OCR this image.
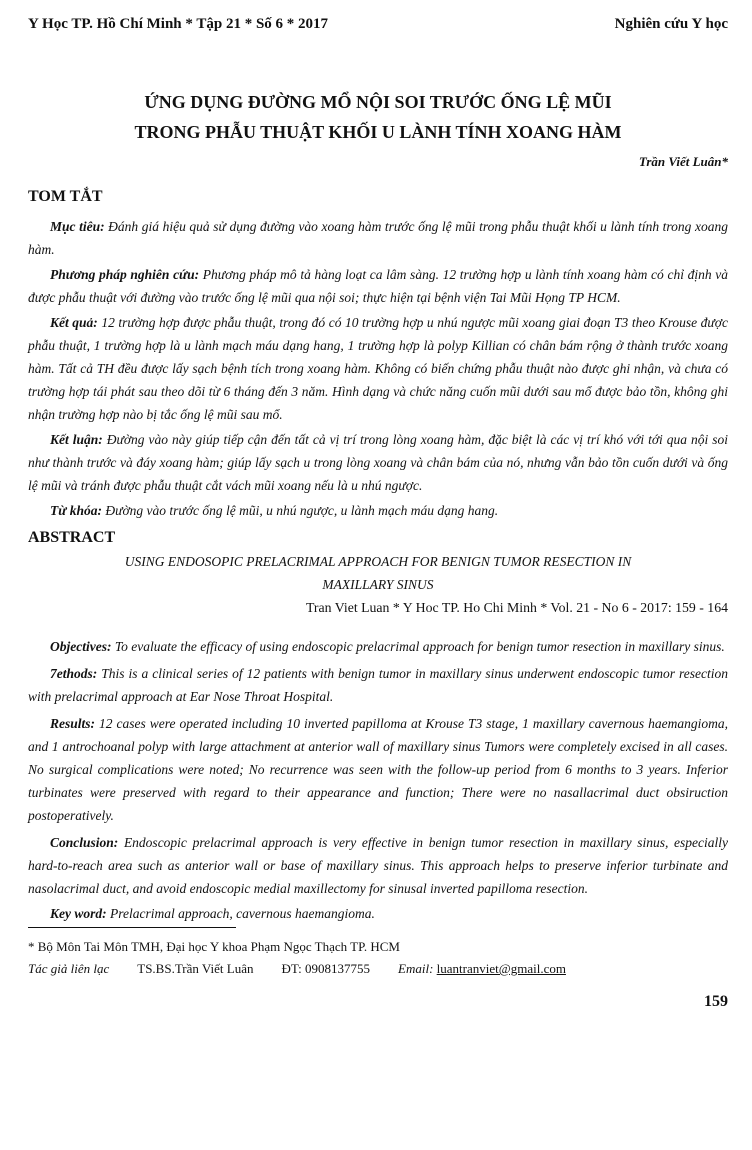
Y Học TP. Hồ Chí Minh * Tập 21 * Số 6 * 2017	Nghiên cứu Y học
ỨNG DỤNG ĐƯỜNG MỔ NỘI SOI TRƯỚC ỐNG LỆ MŨI
TRONG PHẪU THUẬT KHỐI U LÀNH TÍNH XOANG HÀM
Trần Viết Luân*
TOM TẮT

Mục tiêu: Đánh giá hiệu quả sử dụng đường vào xoang hàm trước ống lệ mũi trong phẫu thuật khối u lành tính trong xoang hàm.

Phương pháp nghiên cứu: Phương pháp mô tả hàng loạt ca lâm sàng. 12 trường hợp u lành tính xoang hàm có chỉ định và được phẫu thuật với đường vào trước ống lệ mũi qua nội soi; thực hiện tại bệnh viện Tai Mũi Họng TP HCM.

Kết quả: 12 trường hợp được phẫu thuật, trong đó có 10 trường hợp u nhú ngược mũi xoang giai đoạn T3 theo Krouse được phẫu thuật, 1 trường hợp là u lành mạch máu dạng hang, 1 trường hợp là polyp Killian có chân bám rộng ở thành trước xoang hàm. Tất cả TH đều được lấy sạch bệnh tích trong xoang hàm. Không có biến chứng phẫu thuật nào được ghi nhận, và chưa có trường hợp tái phát sau theo dõi từ 6 tháng đến 3 năm. Hình dạng và chức năng cuốn mũi dưới sau mổ được bảo tồn, không ghi nhận trường hợp nào bị tắc ống lệ mũi sau mổ.

Kết luận: Đường vào này giúp tiếp cận đến tất cả vị trí trong lòng xoang hàm, đặc biệt là các vị trí khó với tới qua nội soi như thành trước và đáy xoang hàm; giúp lấy sạch u trong lòng xoang và chân bám của nó, nhưng vẫn bảo tồn cuốn dưới và ống lệ mũi và tránh được phẫu thuật cắt vách mũi xoang nếu là u nhú ngược.

Từ khóa: Đường vào trước ống lệ mũi, u nhú ngược, u lành mạch máu dạng hang.

ABSTRACT
USING ENDOSOPIC PRELACRIMAL APPROACH FOR BENIGN TUMOR RESECTION IN
MAXILLARY SINUS
Tran Viet Luan * Y Hoc TP. Ho Chi Minh * Vol. 21 - No 6 - 2017: 159 - 164

Objectives: To evaluate the efficacy of using endoscopic prelacrimal approach for benign tumor resection in maxillary sinus.

7ethods: This is a clinical series of 12 patients with benign tumor in maxillary sinus underwent endoscopic tumor resection with prelacrimal approach at Ear Nose Throat Hospital.

Results: 12 cases were operated including 10 inverted papilloma at Krouse T3 stage, 1 maxillary cavernous haemangioma, and 1 antrochoanal polyp with large attachment at anterior wall of maxillary sinus Tumors were completely excised in all cases. No surgical complications were noted; No recurrence was seen with the follow-up period from 6 months to 3 years. Inferior turbinates were preserved with regard to their appearance and function; There were no nasallacrimal duct obsiruction postoperatively.

Conclusion: Endoscopic prelacrimal approach is very effective in benign tumor resection in maxillary sinus, especially hard-to-reach area such as anterior wall or base of maxillary sinus. This approach helps to preserve inferior turbinate and nasolacrimal duct, and avoid endoscopic medial maxillectomy for sinusal inverted papilloma resection.

Key word: Prelacrimal approach, cavernous haemangioma.

* Bộ Môn Tai Môn TMH, Đại học Y khoa Phạm Ngọc Thạch TP. HCM
Tác giả liên lạc TS.BS.Trần Viết Luân ĐT: 0908137755 Email: luantranviet@gmail.com
159
